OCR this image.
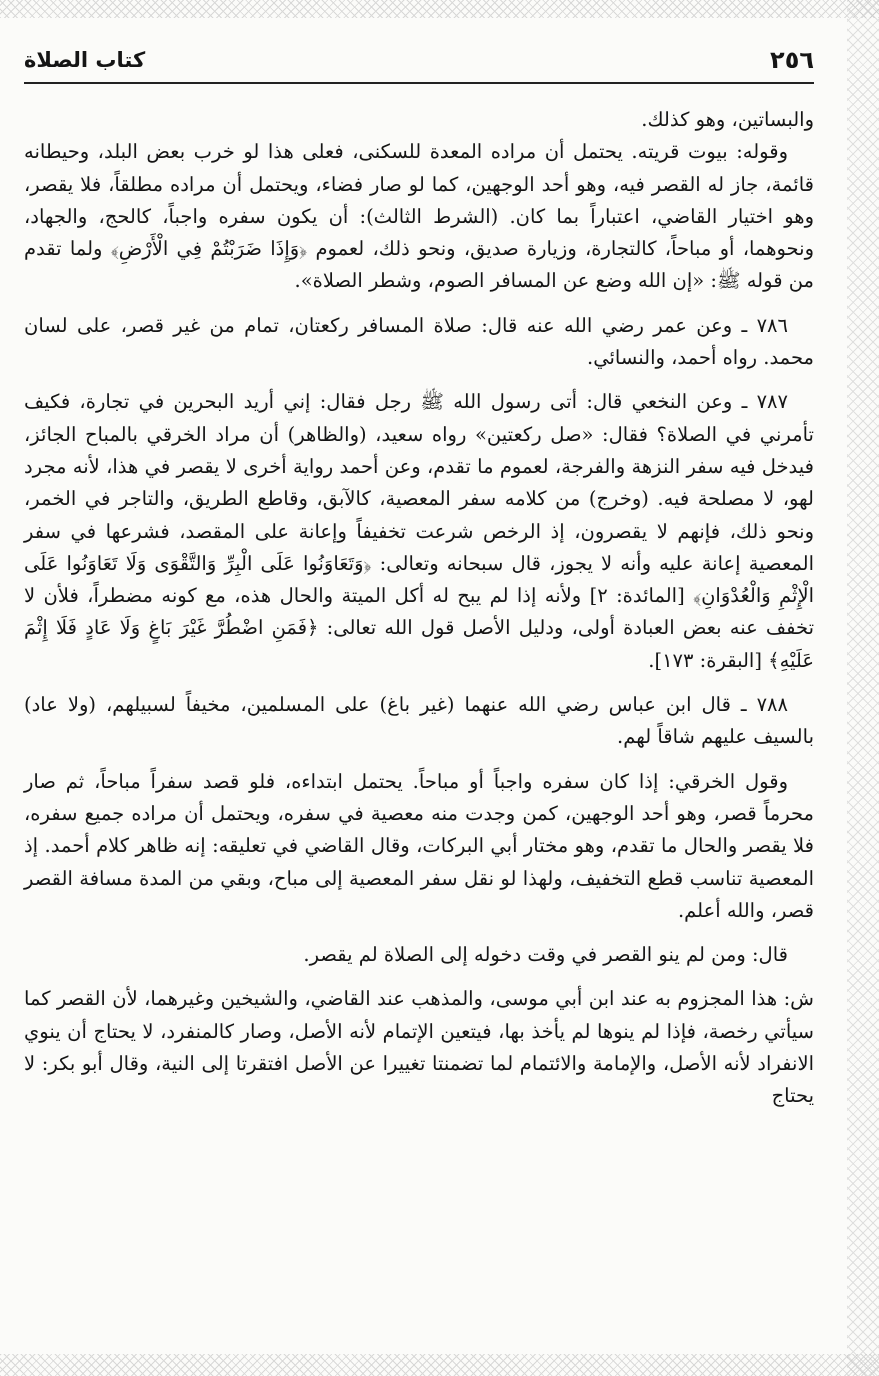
٢٥٦
كتاب الصلاة

والبساتين، وهو كذلك.

وقوله: بيوت قريته. يحتمل أن مراده المعدة للسكنى، فعلى هذا لو خرب بعض البلد، وحيطانه قائمة، جاز له القصر فيه، وهو أحد الوجهين، كما لو صار فضاء، ويحتمل أن مراده مطلقاً، فلا يقصر، وهو اختيار القاضي، اعتباراً بما كان. (الشرط الثالث): أن يكون سفره واجباً، كالحج، والجهاد، ونحوهما، أو مباحاً، كالتجارة، وزيارة صديق، ونحو ذلك، لعموم ﴿وَإِذَا ضَرَبْتُمْ فِي الْأَرْضِ﴾ ولما تقدم من قوله ﷺ: «إن الله وضع عن المسافر الصوم، وشطر الصلاة».

٧٨٦ ـ وعن عمر رضي الله عنه قال: صلاة المسافر ركعتان، تمام من غير قصر، على لسان محمد. رواه أحمد، والنسائي.

٧٨٧ ـ وعن النخعي قال: أتى رسول الله ﷺ رجل فقال: إني أريد البحرين في تجارة، فكيف تأمرني في الصلاة؟ فقال: «صل ركعتين» رواه سعيد، (والظاهر) أن مراد الخرقي بالمباح الجائز، فيدخل فيه سفر النزهة والفرجة، لعموم ما تقدم، وعن أحمد رواية أخرى لا يقصر في هذا، لأنه مجرد لهو، لا مصلحة فيه. (وخرج) من كلامه سفر المعصية، كالآبق، وقاطع الطريق، والتاجر في الخمر، ونحو ذلك، فإنهم لا يقصرون، إذ الرخص شرعت تخفيفاً وإعانة على المقصد، فشرعها في سفر المعصية إعانة عليه وأنه لا يجوز، قال سبحانه وتعالى: ﴿وَتَعَاوَنُوا عَلَى الْبِرِّ وَالتَّقْوَى وَلَا تَعَاوَنُوا عَلَى الْإِثْمِ وَالْعُدْوَانِ﴾ [المائدة: ٢] ولأنه إذا لم يبح له أكل الميتة والحال هذه، مع كونه مضطراً، فلأن لا تخفف عنه بعض العبادة أولى، ودليل الأصل قول الله تعالى: ﴿فَمَنِ اضْطُرَّ غَيْرَ بَاغٍ وَلَا عَادٍ فَلَا إِثْمَ عَلَيْهِ﴾ [البقرة: ١٧٣].

٧٨٨ ـ قال ابن عباس رضي الله عنهما (غير باغ) على المسلمين، مخيفاً لسبيلهم، (ولا عاد) بالسيف عليهم شاقاً لهم.

وقول الخرقي: إذا كان سفره واجباً أو مباحاً. يحتمل ابتداءه، فلو قصد سفراً مباحاً، ثم صار محرماً قصر، وهو أحد الوجهين، كمن وجدت منه معصية في سفره، ويحتمل أن مراده جميع سفره، فلا يقصر والحال ما تقدم، وهو مختار أبي البركات، وقال القاضي في تعليقه: إنه ظاهر كلام أحمد. إذ المعصية تناسب قطع التخفيف، ولهذا لو نقل سفر المعصية إلى مباح، وبقي من المدة مسافة القصر قصر، والله أعلم.

قال: ومن لم ينو القصر في وقت دخوله إلى الصلاة لم يقصر.

ش: هذا المجزوم به عند ابن أبي موسى، والمذهب عند القاضي، والشيخين وغيرهما، لأن القصر كما سيأتي رخصة، فإذا لم ينوها لم يأخذ بها، فيتعين الإتمام لأنه الأصل، وصار كالمنفرد، لا يحتاج أن ينوي الانفراد لأنه الأصل، والإمامة والائتمام لما تضمنتا تغييرا عن الأصل افتقرتا إلى النية، وقال أبو بكر: لا يحتاج
